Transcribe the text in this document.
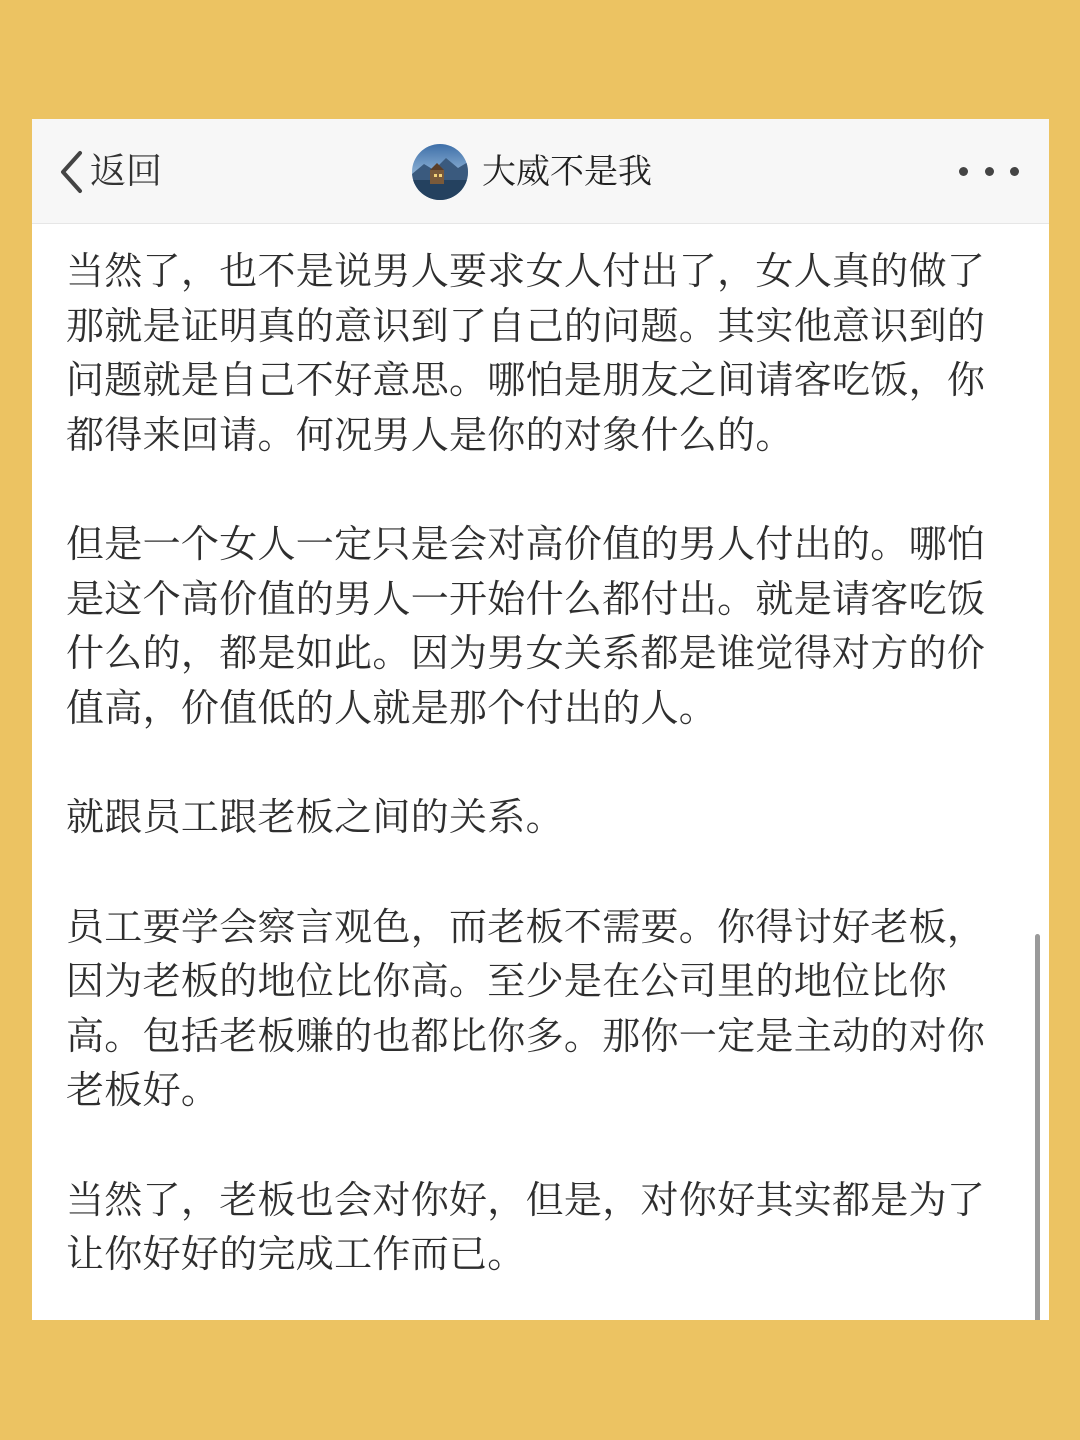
返回	大威不是我

当然了，也不是说男人要求女人付出了，女人真的做了那就是证明真的意识到了自己的问题。其实他意识到的问题就是自己不好意思。哪怕是朋友之间请客吃饭，你都得来回请。何况男人是你的对象什么的。

但是一个女人一定只是会对高价值的男人付出的。哪怕是这个高价值的男人一开始什么都付出。就是请客吃饭什么的，都是如此。因为男女关系都是谁觉得对方的价值高，价值低的人就是那个付出的人。

就跟员工跟老板之间的关系。

员工要学会察言观色，而老板不需要。你得讨好老板，因为老板的地位比你高。至少是在公司里的地位比你高。包括老板赚的也都比你多。那你一定是主动的对你老板好。

当然了，老板也会对你好，但是，对你好其实都是为了让你好好的完成工作而已。
